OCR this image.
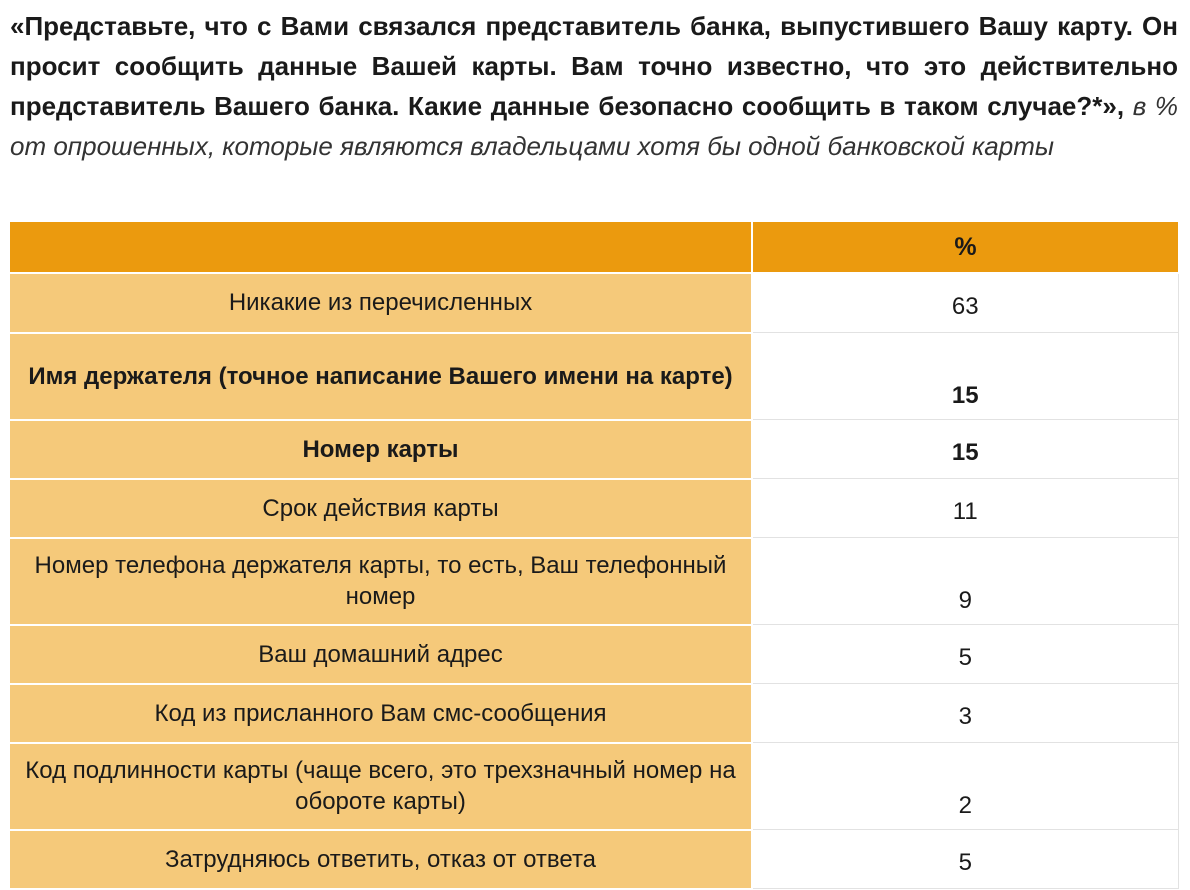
«Представьте, что с Вами связался представитель банка, выпустившего Вашу карту. Он просит сообщить данные Вашей карты. Вам точно известно, что это действительно представитель Вашего банка. Какие данные безопасно сообщить в таком случае?*», в % от опрошенных, которые являются владельцами хотя бы одной банковской карты
	%
Никакие из перечисленных	63
Имя держателя (точное написание Вашего имени на карте)	15
Номер карты	15
Срок действия карты	11
Номер телефона держателя карты, то есть, Ваш телефонный номер	9
Ваш домашний адрес	5
Код из присланного Вам смс-сообщения	3
Код подлинности карты (чаще всего, это трехзначный номер на обороте карты)	2
Затрудняюсь ответить, отказ от ответа	5
